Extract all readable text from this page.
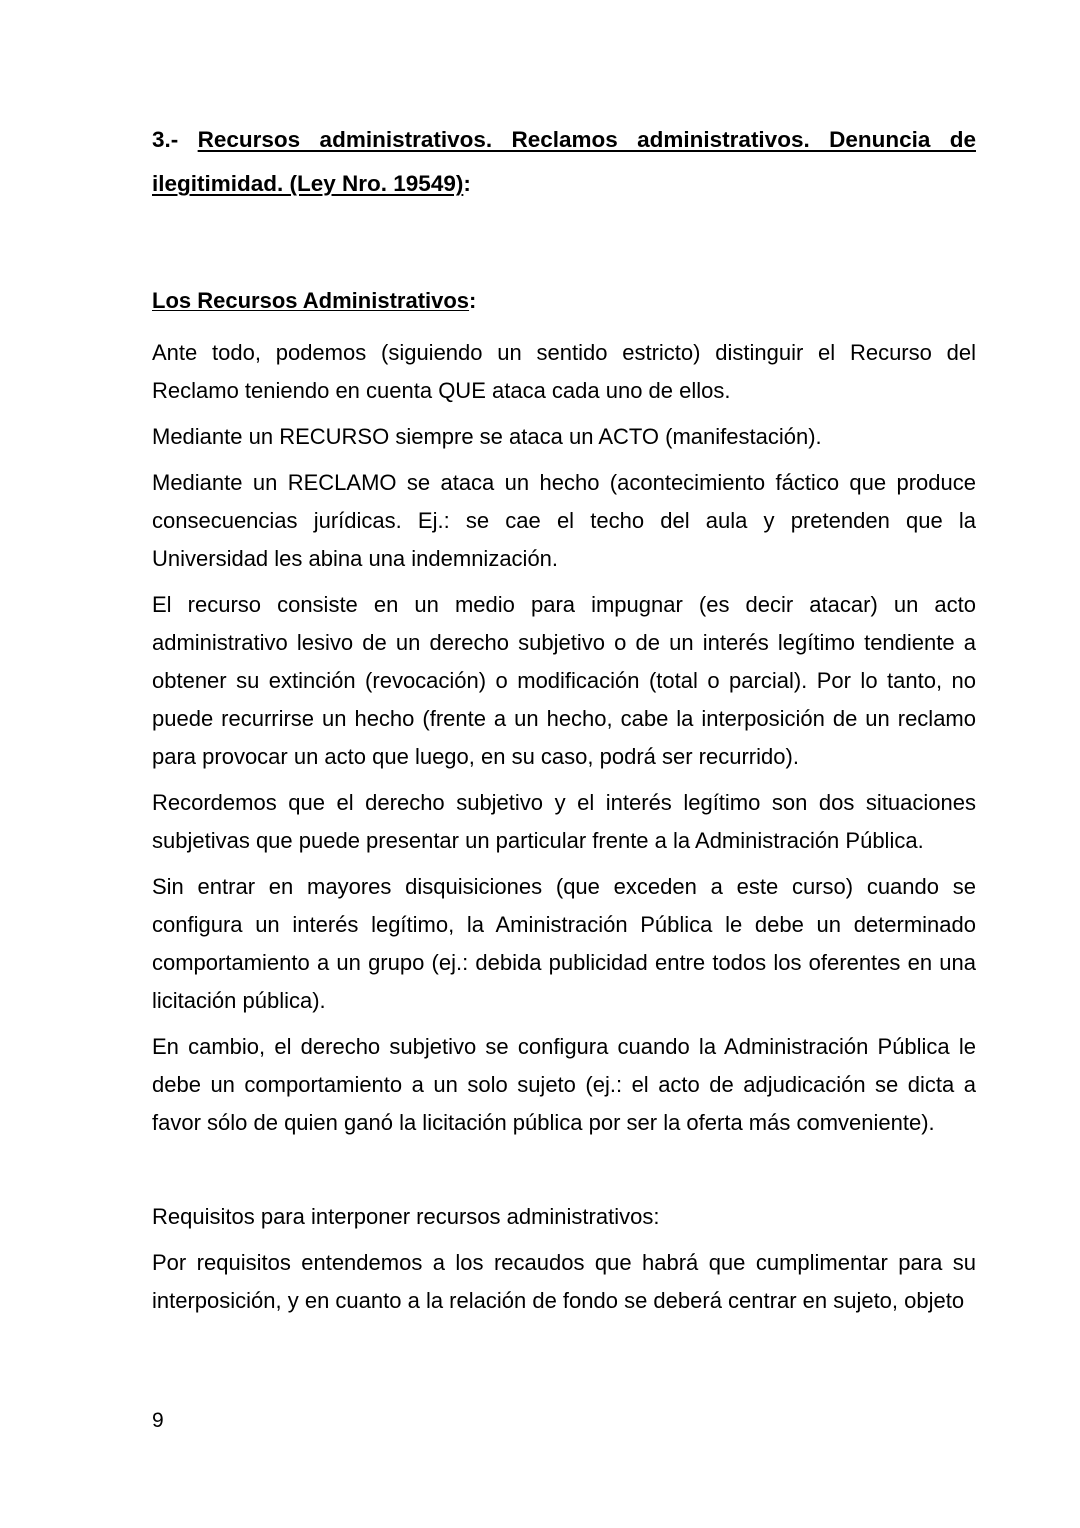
3.- Recursos administrativos. Reclamos administrativos. Denuncia de ilegitimidad. (Ley Nro. 19549):
Los Recursos Administrativos:

Ante todo, podemos (siguiendo un sentido estricto) distinguir el Recurso del Reclamo teniendo en cuenta QUE ataca cada uno de ellos.

Mediante un RECURSO siempre se ataca un ACTO (manifestación).

Mediante un RECLAMO se ataca un hecho (acontecimiento fáctico que produce consecuencias jurídicas. Ej.: se cae el techo del aula y pretenden que la Universidad les abina una indemnización.

El recurso consiste en un medio para impugnar (es decir atacar) un acto administrativo lesivo de un derecho subjetivo o de un interés legítimo tendiente a obtener su extinción (revocación) o modificación (total o parcial). Por lo tanto, no puede recurrirse un hecho (frente a un hecho, cabe la interposición de un reclamo para provocar un acto que luego, en su caso, podrá ser recurrido).

Recordemos que el derecho subjetivo y el interés legítimo son dos situaciones subjetivas que puede presentar un particular frente a la Administración Pública.

Sin entrar en mayores disquisiciones (que exceden a este curso) cuando se configura un interés legítimo, la Aministración Pública le debe un determinado comportamiento a un grupo (ej.: debida publicidad entre todos los oferentes en una licitación pública).

En cambio, el derecho subjetivo se configura cuando la Administración Pública le debe un comportamiento a un solo sujeto (ej.: el acto de adjudicación se dicta a favor sólo de quien ganó la licitación pública por ser la oferta más comveniente).

Requisitos para interponer recursos administrativos:

Por requisitos entendemos a los recaudos que habrá que cumplimentar para su interposición, y en cuanto a la relación de fondo se deberá centrar en sujeto, objeto

9
